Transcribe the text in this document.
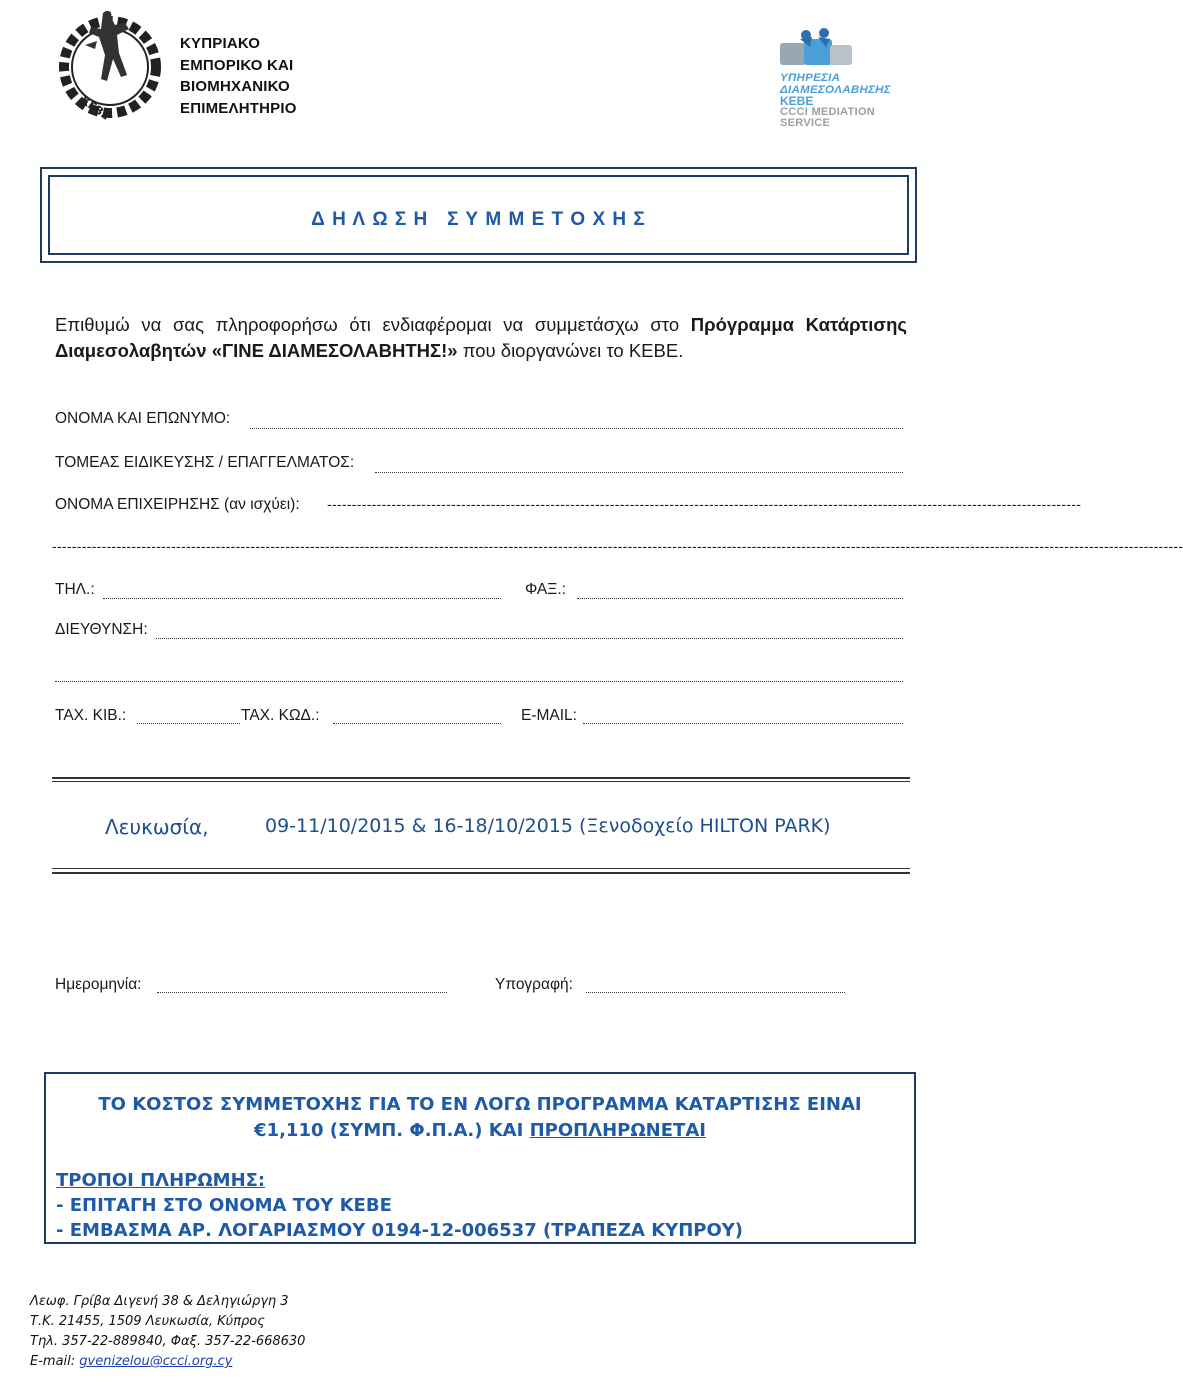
ΚΕΒΕ
ΚΥΠΡΙΑΚΟ
ΕΜΠΟΡΙΚΟ ΚΑΙ
ΒΙΟΜΗΧΑΝΙΚΟ
ΕΠΙΜΕΛΗΤΗΡΙΟ
ΥΠΗΡΕΣΙΑ
ΔΙΑΜΕΣΟΛΑΒΗΣΗΣ
ΚΕΒΕ
CCCI MEDIATION
SERVICE
Δ Η Λ Ω Σ Η   Σ Υ Μ Μ Ε Τ Ο Χ Η Σ
Επιθυμώ να σας πληροφορήσω ότι ενδιαφέρομαι να συμμετάσχω στο Πρόγραμμα Κατάρτισης Διαμεσολαβητών «ΓΙΝΕ ΔΙΑΜΕΣΟΛΑΒΗΤΗΣ!» που διοργανώνει το ΚΕΒΕ.
ΟΝΟΜΑ ΚΑΙ ΕΠΩΝΥΜΟ:
ΤΟΜΕΑΣ ΕΙΔΙΚΕΥΣΗΣ / ΕΠΑΓΓΕΛΜΑΤΟΣ:
ΟΝΟΜΑ ΕΠΙΧΕΙΡΗΣΗΣ (αν ισχύει): --------------------------------------------------------------------------------------------------------------------------------------------------------
------------------------------------------------------------------------------------------------------------------------------------------------------------------------------------------------------------------------------------
ΤΗΛ.:	ΦΑΞ.:
ΔΙΕΥΘΥΝΣΗ:
ΤΑΧ. ΚΙΒ.:	ΤΑΧ. ΚΩΔ.:	E-MAIL:
Λευκωσία,	09-11/10/2015 & 16-18/10/2015 (Ξενοδοχείο HILTON PARK)
Ημερομηνία:	Υπογραφή:
ΤΟ ΚΟΣΤΟΣ ΣΥΜΜΕΤΟΧΗΣ ΓΙΑ ΤΟ ΕΝ ΛΟΓΩ ΠΡΟΓΡΑΜΜΑ ΚΑΤΑΡΤΙΣΗΣ ΕΙΝΑΙ
€1,110 (ΣΥΜΠ. Φ.Π.Α.) ΚΑΙ ΠΡΟΠΛΗΡΩΝΕΤΑΙ
ΤΡΟΠΟΙ ΠΛΗΡΩΜΗΣ:
- ΕΠΙΤΑΓΗ ΣΤΟ ΟΝΟΜΑ ΤΟΥ ΚΕΒΕ
- ΕΜΒΑΣΜΑ ΑΡ. ΛΟΓΑΡΙΑΣΜΟΥ 0194-12-006537 (ΤΡΑΠΕΖΑ ΚΥΠΡΟΥ)
Λεωφ. Γρίβα Διγενή 38 & Δεληγιώργη 3
Τ.Κ. 21455, 1509 Λευκωσία, Κύπρος
Τηλ. 357-22-889840, Φαξ. 357-22-668630
E-mail: gvenizelou@ccci.org.cy
